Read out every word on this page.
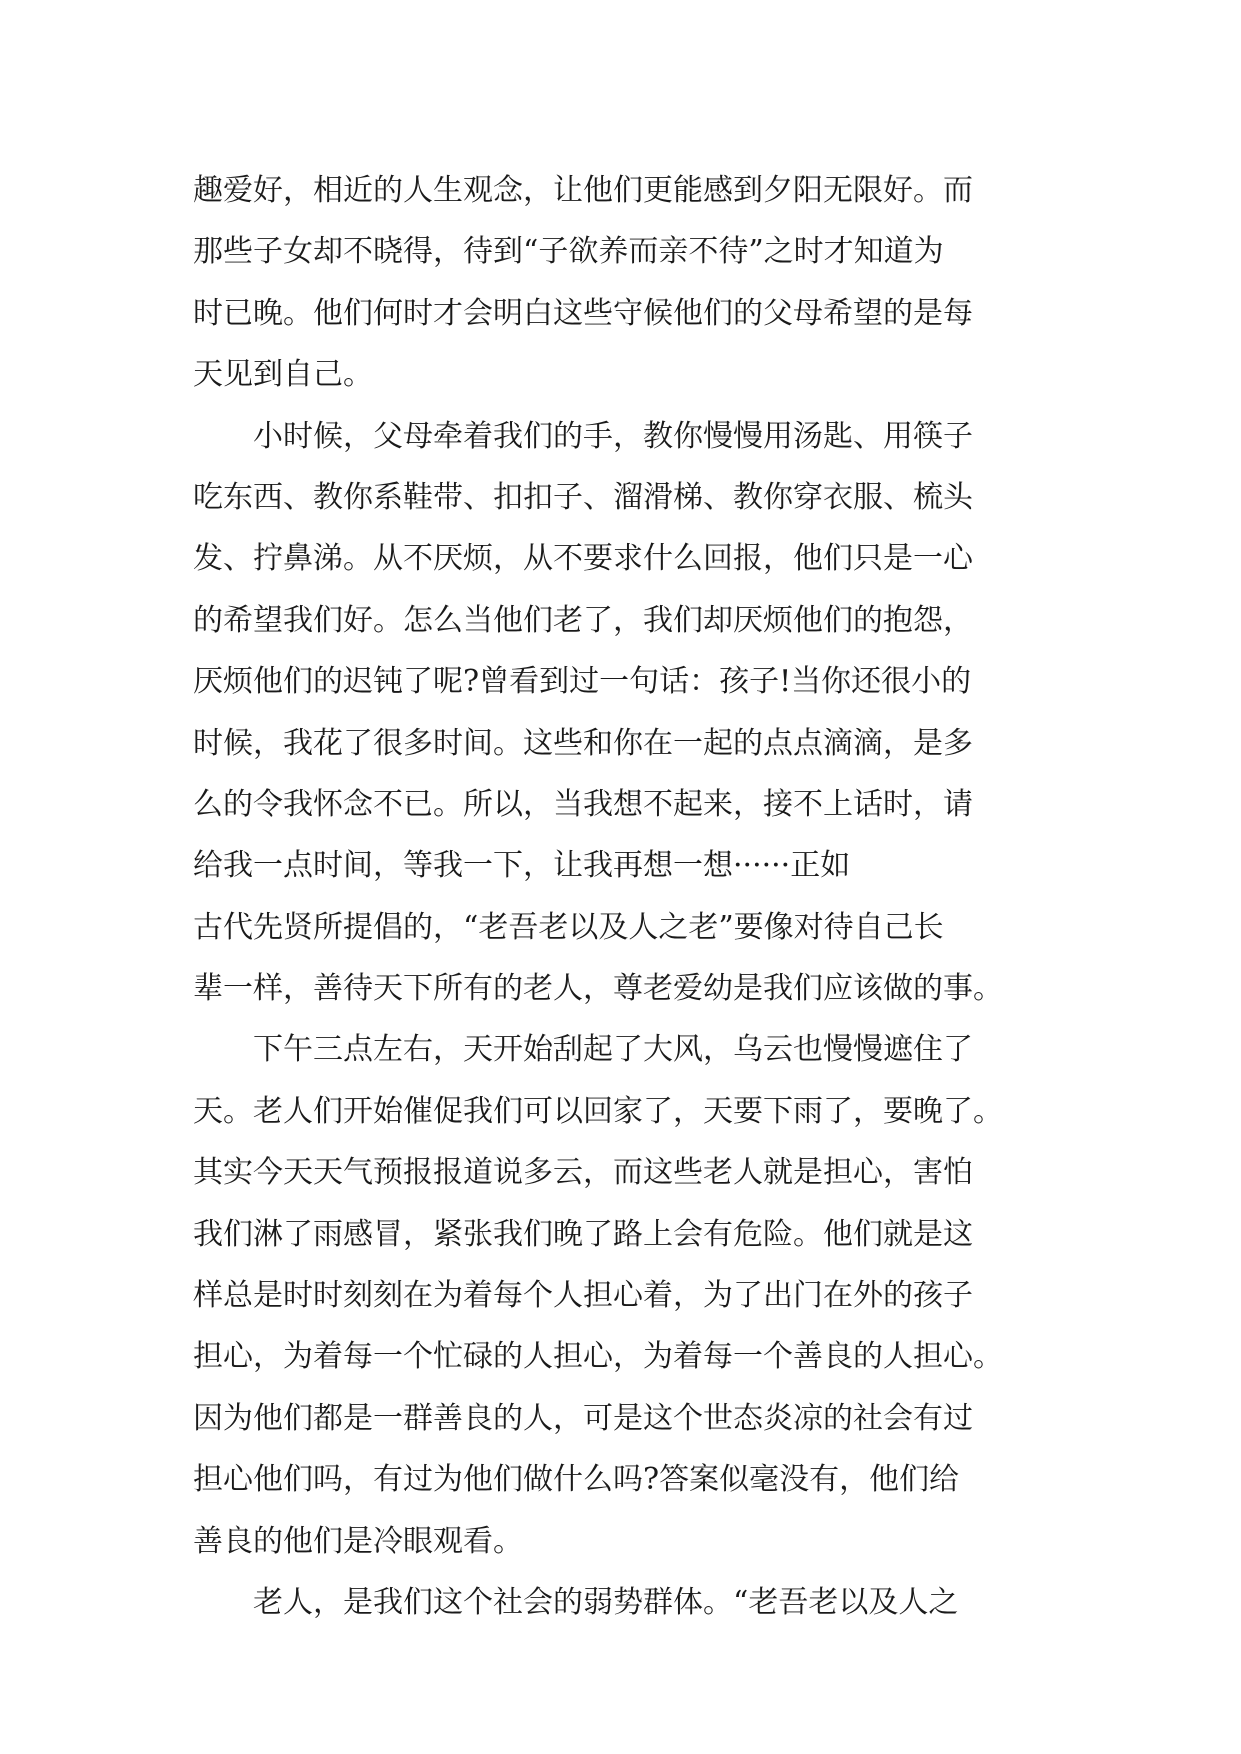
趣爱好，相近的人生观念，让他们更能感到夕阳无限好。而
那些子女却不晓得，待到“子欲养而亲不待”之时才知道为
时已晚。他们何时才会明白这些守候他们的父母希望的是每
天见到自己。
　　小时候，父母牵着我们的手，教你慢慢用汤匙、用筷子
吃东西、教你系鞋带、扣扣子、溜滑梯、教你穿衣服、梳头
发、拧鼻涕。从不厌烦，从不要求什么回报，他们只是一心
的希望我们好。怎么当他们老了，我们却厌烦他们的抱怨，
厌烦他们的迟钝了呢?曾看到过一句话：孩子!当你还很小的
时候，我花了很多时间。这些和你在一起的点点滴滴，是多
么的令我怀念不已。所以，当我想不起来，接不上话时，请
给我一点时间，等我一下，让我再想一想······正如
古代先贤所提倡的，“老吾老以及人之老”要像对待自己长
辈一样，善待天下所有的老人，尊老爱幼是我们应该做的事。
　　下午三点左右，天开始刮起了大风，乌云也慢慢遮住了
天。老人们开始催促我们可以回家了，天要下雨了，要晚了。
其实今天天气预报报道说多云，而这些老人就是担心，害怕
我们淋了雨感冒，紧张我们晚了路上会有危险。他们就是这
样总是时时刻刻在为着每个人担心着，为了出门在外的孩子
担心，为着每一个忙碌的人担心，为着每一个善良的人担心。
因为他们都是一群善良的人，可是这个世态炎凉的社会有过
担心他们吗，有过为他们做什么吗?答案似毫没有，他们给
善良的他们是冷眼观看。
　　老人，是我们这个社会的弱势群体。“老吾老以及人之
